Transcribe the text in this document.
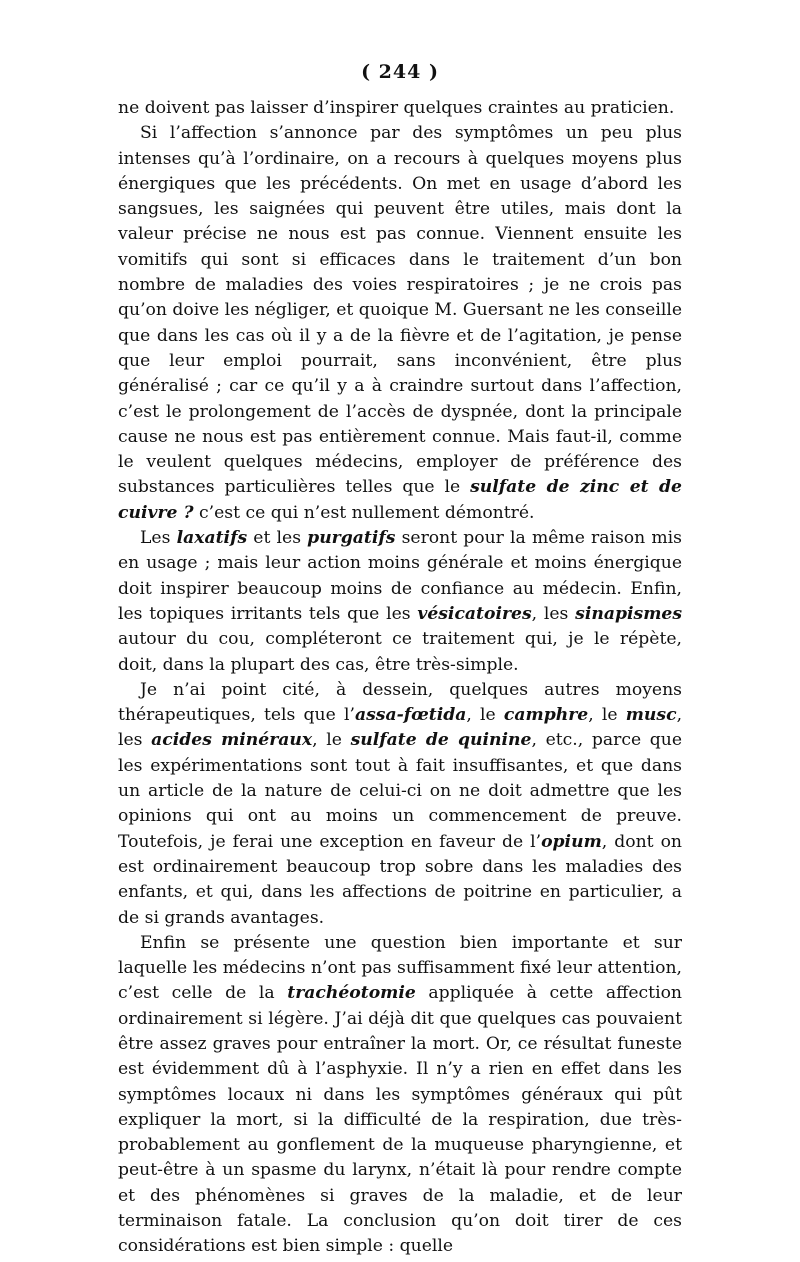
( 244 )

ne doivent pas laisser d’inspirer quelques craintes au praticien.

Si l’affection s’annonce par des symptômes un peu plus intenses qu’à l’ordinaire, on a recours à quelques moyens plus énergiques que les précédents. On met en usage d’abord les sangsues, les saignées qui peuvent être utiles, mais dont la valeur précise ne nous est pas connue. Viennent ensuite les vomitifs qui sont si efficaces dans le traitement d’un bon nombre de maladies des voies respiratoires ; je ne crois pas qu’on doive les négliger, et quoique M. Guersant ne les conseille que dans les cas où il y a de la fièvre et de l’agitation, je pense que leur emploi pourrait, sans inconvénient, être plus généralisé ; car ce qu’il y a à craindre surtout dans l’affection, c’est le prolongement de l’accès de dyspnée, dont la principale cause ne nous est pas entièrement connue. Mais faut-il, comme le veulent quelques médecins, employer de préférence des substances particulières telles que le sulfate de zinc et de cuivre ? c’est ce qui n’est nullement démontré.

Les laxatifs et les purgatifs seront pour la même raison mis en usage ; mais leur action moins générale et moins énergique doit inspirer beaucoup moins de confiance au médecin. Enfin, les topiques irritants tels que les vésicatoires, les sinapismes autour du cou, compléteront ce traitement qui, je le répète, doit, dans la plupart des cas, être très-simple.

Je n’ai point cité, à dessein, quelques autres moyens thérapeutiques, tels que l’assa-fœtida, le camphre, le musc, les acides minéraux, le sulfate de quinine, etc., parce que les expérimentations sont tout à fait insuffisantes, et que dans un article de la nature de celui-ci on ne doit admettre que les opinions qui ont au moins un commencement de preuve. Toutefois, je ferai une exception en faveur de l’opium, dont on est ordinairement beaucoup trop sobre dans les maladies des enfants, et qui, dans les affections de poitrine en particulier, a de si grands avantages.

Enfin se présente une question bien importante et sur laquelle les médecins n’ont pas suffisamment fixé leur attention, c’est celle de la trachéotomie appliquée à cette affection ordinairement si légère. J’ai déjà dit que quelques cas pouvaient être assez graves pour entraîner la mort. Or, ce résultat funeste est évidemment dû à l’asphyxie. Il n’y a rien en effet dans les symptômes locaux ni dans les symptômes généraux qui pût expliquer la mort, si la difficulté de la respiration, due très-probablement au gonflement de la muqueuse pharyngienne, et peut-être à un spasme du larynx, n’était là pour rendre compte et des phénomènes si graves de la maladie, et de leur terminaison fatale. La conclusion qu’on doit tirer de ces considérations est bien simple : quelle
